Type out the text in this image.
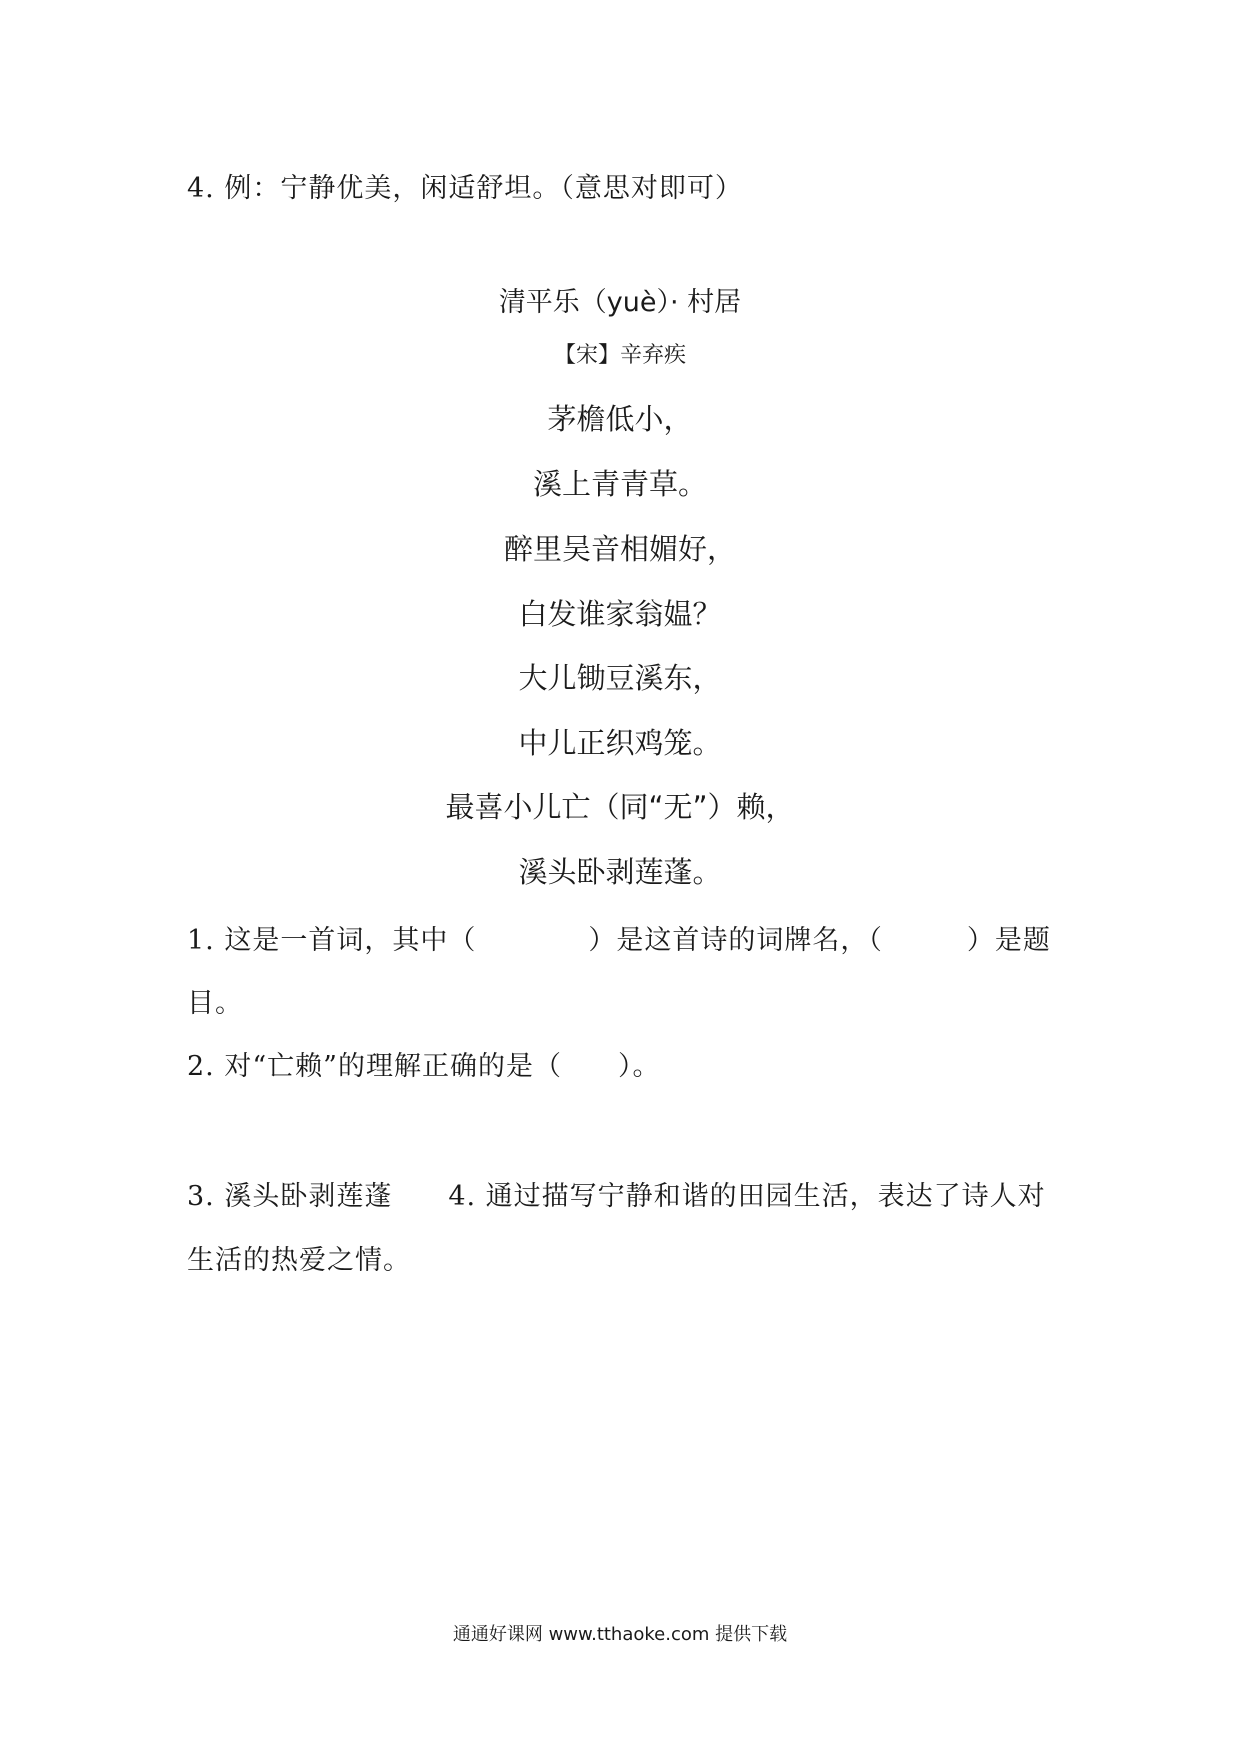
4. 例：宁静优美，闲适舒坦。（意思对即可）

清平乐（yuè）· 村居

【宋】辛弃疾

茅檐低小，

溪上青青草。

醉里吴音相媚好，

白发谁家翁媪？

大儿锄豆溪东，

中儿正织鸡笼。

最喜小儿亡（同“无”）赖，

溪头卧剥莲蓬。

1. 这是一首词，其中（　　　　）是这首诗的词牌名，（　　　）是题

目。

2. 对“亡赖”的理解正确的是（　　）。

3. 溪头卧剥莲蓬　　4. 通过描写宁静和谐的田园生活，表达了诗人对

生活的热爱之情。

通通好课网 www.tthaoke.com 提供下载
